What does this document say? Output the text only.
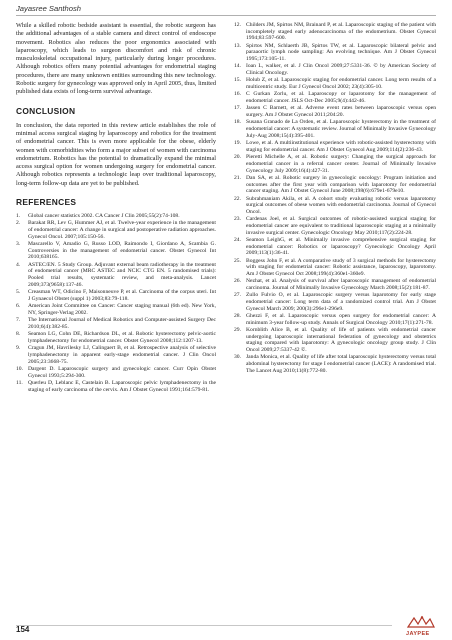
Jayasree Santhosh

While a skilled robotic bedside assistant is essential, the robotic surgeon has the additional advantages of a stable camera and direct control of endoscope movement. Robotics also reduces the poor ergonomics associated with laparoscopy, which leads to surgeon discomfort and risk of chronic musculoskeletal occupational injury, particularly during longer procedures. Although robotics offers many potential advantages for endometrial staging procedures, there are many unknown entities surrounding this new technology. Robotic surgery for gynecology was approved only in April 2005, thus, limited published data exists of long-term survival advantage.

CONCLUSION

In conclusion, the data reported in this review article establishes the role of minimal access surgical staging by laparoscopy and robotics for the treatment of endometrial cancer. This is even more applicable for the obese, elderly women with comorbidities who form a major subset of women with carcinoma endometrium. Robotics has the potential to dramatically expand the minimal access surgical option for women undergoing surgery for endometrial cancer. Although robotics represents a technologic leap over traditional laparoscopy, long-term follow-up data are yet to be published.

REFERENCES
1. Global cancer statistics 2002. CA Cancer J Clin 2005;55(2):74-108.
2. Barakat RR, Lev G, Hummer AJ, et al. Twelve-year experience in the management of endometrial cancer: A change in surgical and postoperative radiation approaches. Gynecol Oncol. 2007;105:150-56.
3. Mascarello V, Amadio G, Russo LOD, Raimondo I, Giordano A, Scambia G. Controversies in the management of endometrial cancer. Obstet Gynecol Int 2010;638165.
4. ASTEC/EN. 5 Study Group. Adjuvant external beam radiotherapy in the treatment of endometrial cancer (MRC ASTEC and NCIC CTG EN. 5 randomised trials): Pooled trial results, systematic review, and meta-analysis. Lancet 2009;373(9658):137-46.
5. Creasman WT, Odicino F, Maisonneuve P, et al. Carcinoma of the corpus uteri. Int J Gynaecol Obstet (suppl 1) 2003;83:79-118.
6. American Joint Committee on Cancer: Cancer staging manual (6th ed). New York, NY, Springer-Verlag 2002.
7. The International Journal of Medical Robotics and Computer-assisted Surgery Dec 2010;6(4):382-85.
8. Seamon LG, Cohn DE, Richardson DL, et al. Robotic hysterectomy pelvic-aortic lymphadenectomy for endometrial cancer. Obstet Gynecol 2008;112:1207-13.
9. Cragun JM, Havrilesky LJ, Calingaert B, et al. Retrospective analysis of selective lymphadenectomy in apparent early-stage endometrial cancer. J Clin Oncol 2005;23:3668-75.
10. Dargent D. Laparoscopic surgery and gynecologic cancer. Curr Opin Obstet Gynecol 1993;5:294-300.
11. Querleu D, Leblanc E, Castelain B. Laparoscopic pelvic lymphadenectomy in the staging of early carcinoma of the cervix. Am J Obstet Gynecol 1991;164:579-81.
12. Childers JM, Spirtos NM, Brainard P, et al. Laparoscopic staging of the patient with incompletely staged early adenocarcinoma of the endometrium. Obstet Gynecol 1994;83:597-600.
13. Spirtos NM, Schlaerth JB, Spirtos TW, et al. Laparoscopic bilateral pelvic and paraaortic lymph node sampling: An evolving technique. Am J Obstet Gynecol 1995;173:105-11.
14. Ioan L, walker, et al. J Clin Oncol 2009;27:5331-36. © by American Society of Clinical Oncology.
15. Holub Z, et al. Laparoscopic staging for endometrial cancer. Long term results of a multicentric study. Eur J Gynecol Oncol 2002; 23(4):305-10.
16. C Gurkan Zorlu, et al. Laparoscopy or laparotomy for the management of endometrial cancer. JSLS Oct-Dec 2005;9(4):442-46.
17. Jassen C Barnett, et al. Adverse event rates between laparoscopic versus open surgery. Am J Obstet Gynecol 2011;204:20.
18. Susana Granado de La Orden, et al. Laparoscopic hysterectomy in the treatment of endometrial cancer: A systematic review. Journal of Minimally Invasive Gynecology July-Aug 2008;15(4):395-401.
19. Lowe, et al. A multiinstitutional experience with robotic-assisted hysterectomy with staging for endometrial cancer. Am J Obstet Gynecol Aug 2009;114(2):236-43.
20. Pieretti Michelle A, et al. Robotic surgery: Changing the surgical approach for endometrial cancer in a referral cancer center. Journal of Minimally Invasive Gynecology July 2009;16(4):427-31.
21. Dan SA, et al. Robotic surgery in gynecologic oncology: Program initiation and outcomes after the first year with comparison with laparotomy for endometrial cancer staging. Am J Obstet Gynecol June 2008;198(6):679e1-679e10.
22. Subrahmaniam Akila, et al. A cohort study evaluating robotic versus laparotomy surgical outcomes of obese women with endometrial carcinoma. Journal of Gynecol Oncol.
23. Cardenas Joel, et al. Surgical outcomes of robotic-assisted surgical staging for endometrial cancer are equivalent to traditional laparoscopic staging at a minimally invasive surgical center. Gynecologic Oncology May 2010;117(2):224-28.
24. Seamon LeighG, et al. Minimally invasive comprehensive surgical staging for endometrial cancer: Robotics or laparoscopy? Gynecologic Oncology April 2009;113(1):36-41.
25. Boggess John F, et al. A comparative study of 3 surgical methods for hysterectomy with staging for endometrial cancer: Robotic assistance, laparoscopy, laparotomy. Am J Obstet Gynecol Oct 2008;199(4):360e1-360e9.
26. Nezhat, et al. Analysis of survival after laparoscopic management of endometrial carcinoma. Journal of Minimally Invasive Gynecology March 2008;15(2):181-87.
27. Zullo Fulvio O, et al. Laparoscopic surgery versus laparotomy for early stage endometrial cancer: Long term data of a randomized control trial. Am J Obstet Gynecol March 2009; 200(3):296e1-296e9.
28. Ghezzi F, et al. Laparoscopic versus open surgery for endometrial cancer: A minimum 3-year follow-up study. Annals of Surgical Oncology 2010;17(1):271-78.
29. Kornblith Alice B, et al. Quality of life of patients with endometrial cancer undergoing laparoscopic international federation of gynecology and obstetrics staging compared with laparotomy: A gynecologic oncology group study. J Clin Oncol 2009;27:5337-42 ©.
30. Janda Monica, et al. Quality of life after total laparoscopic hysterectomy versus total abdominal hysterectomy for stage I endometrial cancer (LACE): A randomised trial. The Lancet Aug 2010;11(8):772-80.
154	JAYPEE
